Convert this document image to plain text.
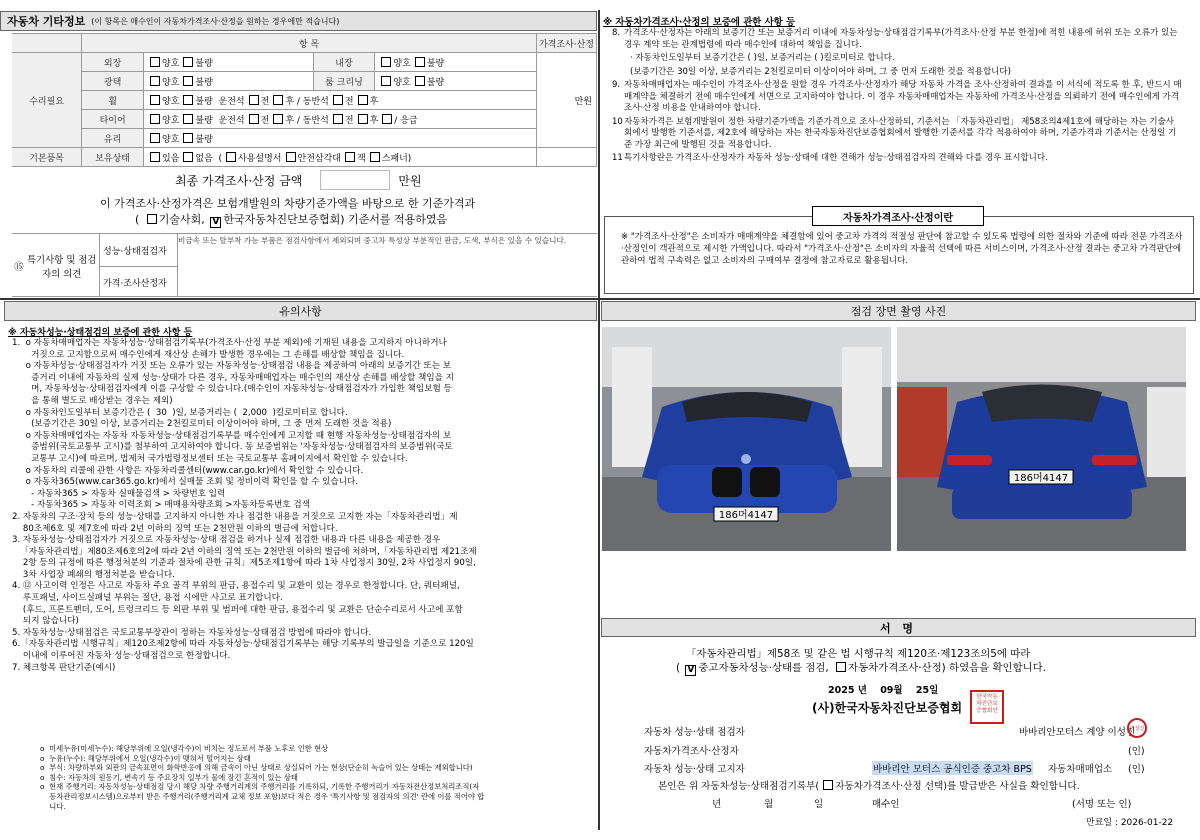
자동차 기타정보 (이 항목은 매수인이 자동차가격조사·산정을 원하는 경우에만 적습니다)
	항 목				가격조사·산정
수리필요	외장	양호 불량	내장	양호 불량	만원
	광택	양호 불량	룸 크리닝	양호 불량	
	휠	양호 불량 운전석 전 후 / 동반석 전 후			
	타이어	양호 불량 운전석 전 후 / 동반석 전 후 / 응급			
	유리	양호 불량			
기본품목	보유상태	있음 없음  ( 사용설명서 안전삼각대 잭 스패너)			
최종 가격조사·산정 금액	만원
이 가격조사·산정가격은 보험개발원의 차량기준가액을 바탕으로 한 기준가격과
( 기술사회, V 한국자동차진단보증협회) 기준서를 적용하였음
⑮
특기사항 및 점검자의 의견
성능·상태점검자
비금속 또는 탈부착 가능 부품은 점검사항에서 제외되며 중고차 특성상 부분적인 판금, 도색, 부식은 있을 수 있습니다.
가격·조사산정자
※ 자동차가격조사·산정의 보증에 관한 사항 등
8. 가격조사·산정자는 아래의 보증기간 또는 보증거리 이내에 자동차성능·상태점검기록부(가격조사·산정 부분 한정)에 적힌 내용에 허위 또는 오류가 있는 경우 계약 또는 관계법령에 따라 매수인에 대하여 책임을 집니다.
· 자동차인도일부터 보증기간은 ( )일, 보증거리는 ( )킬로미터로 합니다.
(보증기간은 30일 이상, 보증거리는 2천킬로미터 이상이어야 하며, 그 중 먼저 도래한 것을 적용합니다)
9. 자동차매매업자는 매수인이 가격조사·산정을 원할 경우 가격조사·산정자가 해당 자동차 가격을 조사·산정하여 결과를 이 서식에 적도록 한 후, 반드시 매매계약을 체결하기 전에 매수인에게 서면으로 고지하여야 합니다. 이 경우 자동차매매업자는 자동차에 가격조사·산정을 의뢰하기 전에 매수인에게 가격조사·산정 비용을 안내하여야 합니다.
10 자동차가격은 보험개발원이 정한 차량기준가액을 기준가격으로 조사·산정하되, 기준서는 「자동차관리법」 제58조의4제1호에 해당하는 자는 기술사회에서 발행한 기준서를, 제2호에 해당하는 자는 한국자동차진단보증협회에서 발행한 기준서를 각각 적용하여야 하며, 기준가격과 기준서는 산정일 기준 가장 최근에 발행된 것을 적용합니다.
11 특기사항란은 가격조사·산정자가 자동차 성능·상태에 대한 견해가 성능·상태점검자의 견해와 다를 경우 표시합니다.
자동차가격조사·산정이란
※ "가격조사·산정"은 소비자가 매매계약을 체결함에 있어 중고차 가격의 적절성 판단에 참고할 수 있도록 법령에 의한 절차와 기준에 따라 전문 가격조사·산정인이 객관적으로 제시한 가액입니다. 따라서 "가격조사·산정"은 소비자의 자율적 선택에 따른 서비스이며, 가격조사·산정 결과는 중고차 가격판단에 관하여 법적 구속력은 없고 소비자의 구매여부 결정에 참고자료로 활용됩니다.
유의사항
※ 자동차성능·상태점검의 보증에 관한 사항 등
1.  o 자동차매매업자는 자동차성능·상태점검기록부(가격조사·산정 부분 제외)에 기재된 내용을 고지하지 아니하거나
거짓으로 고지함으로써 매수인에게 재산상 손해가 발생한 경우에는 그 손해를 배상할 책임을 집니다.
o 자동차성능·상태점검자가 거짓 또는 오류가 있는 자동차성능·상태점검 내용을 제공하여 아래의 보증기간 또는 보
증거리 이내에 자동차의 실제 성능·상태가 다른 경우, 자동차매매업자는 매수인의 재산상 손해를 배상할 책임을 지
며, 자동차성능·상태점검자에게 이를 구상할 수 있습니다.(매수인이 자동차성능·상태점검자가 가입한 책임보험 등
을 통해 별도로 배상받는 경우는 제외)
o 자동차인도일부터 보증기간은 (  30  )일, 보증거리는 (  2,000  )킬로미터로 합니다.
(보증기간은 30일 이상, 보증거리는 2천킬로미터 이상이어야 하며, 그 중 먼저 도래한 것을 적용)
o 자동차매매업자는 자동차 자동차성능·상태점검기록부를 매수인에게 고지할 때 현행 자동차성능·상태점검자의 보
증범위(국토교통부 고시)를 첨부하여 고지하여야 합니다. 동 보증범위는 '자동차성능·상태점검자의 보증범위(국토
교통부 고시)에 따르며, 법제처 국가법령정보센터 또는 국토교통부 홈페이지에서 확인할 수 있습니다.
o 자동차의 리콜에 관한 사항은 자동차리콜센터(www.car.go.kr)에서 확인할 수 있습니다.
o 자동차365(www.car365.go.kr)에서 실매물 조회 및 정비이력 확인을 할 수 있습니다.
- 자동차365 > 자동차 실매물검색 > 차량번호 입력
- 자동차365 > 자동차 이력조회 > 매매용차량조회 >자동차등록번호 검색
2. 자동차의 구조·장치 등의 성능·상태를 고지하지 아니한 자나 점검한 내용을 거짓으로 고지한 자는「자동차관리법」제
80조제6호 및 제7호에 따라 2년 이하의 징역 또는 2천만원 이하의 벌금에 처합니다.
3. 자동차성능·상태점검자가 거짓으로 자동차성능·상태 점검을 하거나 실제 점검한 내용과 다른 내용을 제공한 경우
「자동차관리법」제80조제6호의2에 따라 2년 이하의 징역 또는 2천만원 이하의 벌금에 처하며,「자동차관리법 제21조제
2항 등의 규정에 따른 행정처분의 기준과 절차에 관한 규칙」제5조제1항에 따라 1차 사업정지 30일, 2차 사업정지 90일,
3차 사업장 폐쇄의 행정처분을 받습니다.
4. ⑫ 사고이력 인정은 사고로 자동차 주요 골격 부위의 판금, 용접수리 및 교환이 있는 경우로 한정합니다. 단, 쿼터패널,
루프패널, 사이드실패널 부위는 절단, 용접 시에만 사고로 표기합니다.
(후드, 프론트펜더, 도어, 트렁크리드 등 외판 부위 및 범퍼에 대한 판금, 용접수리 및 교환은 단순수리로서 사고에 포함
되지 않습니다)
5. 자동차성능·상태점검은 국토교통부장관이 정하는 자동차성능·상태점검 방법에 따라야 합니다.
6.「자동차관리법 시행규칙」제120조제2항에 따라 자동차성능·상태점검기록부는 해당 기록부의 발급일을 기준으로 120일
이내에 이루어진 자동차 성능·상태점검으로 한정합니다.
7. 체크항목 판단기준(예시)
o  미세누유(미세누수): 해당부위에 오일(냉각수)이 비치는 정도로서 부품 노후로 인한 현상
o  누유(누수): 해당부위에서 오일(냉각수)이 맺혀서 떨어지는 상태
o  부식: 차량하부와 외판의 금속표면이 화학반응에 의해 금속이 아닌 상태로 상실되어 가는 현상(단순히 녹슬어 있는 상태는 제외합니다)
o  침수: 자동차의 원동기, 변속기 등 주요장치 일부가 물에 잠긴 흔적이 있는 상태
o  현재 주행거리: 자동차성능·상태점검 당시 해당 차량 주행거리계의 주행거리를 기록하되, 기록한 주행거리가 자동차전산정보처리조직(자
동차관리정보시스템)으로부터 받은 주행거리(주행거리계 교체 정보 포함)보다 적은 경우 '특기사항 및 점검자의 의견' 란에 이를 적어야 합
니다.
점검 장면 촬영 사진
186머4147
186머4147
서 명
「자동차관리법」제58조 및 같은 법 시행규칙 제120조·제123조의5에 따라
( V 중고자동차성능·상태를 점검, 자동차가격조사·산정) 하였음을 확인합니다.
2025 년 09월 25일
(사)한국자동차진단보증협회
한국자동차진단보증협회인
자동차 성능·상태 점검자	바바리안모터스 계양 이성진
이성진
자동차가격조사·산정자	(인)
자동차 성능·상태 고지자	바바리안 모터스 공식인증 중고차 BPS 자동차매매업소 (인)
본인은 위 자동차성능·상태점검기록부( 자동차가격조사·산정 선택)를 발급받은 사실을 확인합니다.
년	월	일	매수인	(서명 또는 인)
만료일 : 2026-01-22
